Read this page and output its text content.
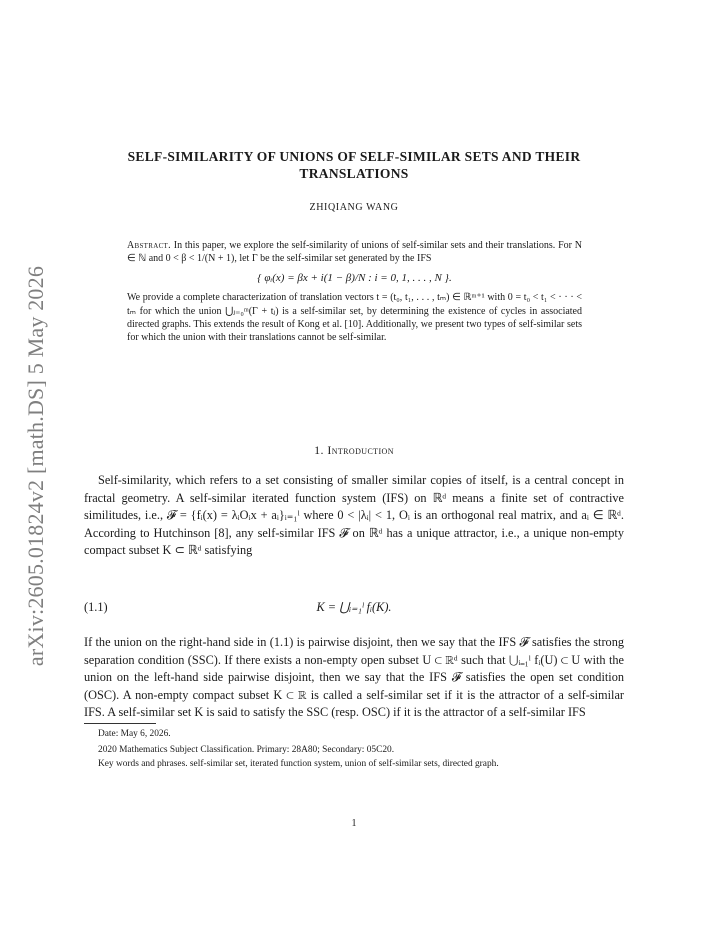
arXiv:2605.01824v2 [math.DS] 5 May 2026
SELF-SIMILARITY OF UNIONS OF SELF-SIMILAR SETS AND THEIR
TRANSLATIONS
ZHIQIANG WANG
Abstract. In this paper, we explore the self-similarity of unions of self-similar sets and their translations. For N ∈ ℕ and 0 < β < 1/(N + 1), let Γ be the self-similar set generated by the IFS
{ φᵢ(x) = βx + i(1 − β)/N : i = 0, 1, . . . , N }.
We provide a complete characterization of translation vectors t = (t₀, t₁, . . . , tₘ) ∈ ℝᵐ⁺¹ with 0 = t₀ < t₁ < · · · < tₘ for which the union ⋃ⱼ₌₀ᵐ(Γ + tⱼ) is a self-similar set, by determining the existence of cycles in associated directed graphs. This extends the result of Kong et al. [10]. Additionally, we present two types of self-similar sets for which the union with their translations cannot be self-similar.
1. Introduction
Self-similarity, which refers to a set consisting of smaller similar copies of itself, is a central concept in fractal geometry. A self-similar iterated function system (IFS) on ℝᵈ means a finite set of contractive similitudes, i.e., 𝓕 = {fᵢ(x) = λᵢOᵢx + aᵢ}ᵢ₌₁ˡ where 0 < |λᵢ| < 1, Oᵢ is an orthogonal real matrix, and aᵢ ∈ ℝᵈ. According to Hutchinson [8], any self-similar IFS 𝓕 on ℝᵈ has a unique attractor, i.e., a unique non-empty compact subset K ⊂ ℝᵈ satisfying
(1.1)	K = ⋃ᵢ₌₁ˡ fᵢ(K).
If the union on the right-hand side in (1.1) is pairwise disjoint, then we say that the IFS 𝓕 satisfies the strong separation condition (SSC). If there exists a non-empty open subset U ⊂ ℝᵈ such that ⋃ᵢ₌₁ˡ fᵢ(U) ⊂ U with the union on the left-hand side pairwise disjoint, then we say that the IFS 𝓕 satisfies the open set condition (OSC). A non-empty compact subset K ⊂ ℝ is called a self-similar set if it is the attractor of a self-similar IFS. A self-similar set K is said to satisfy the SSC (resp. OSC) if it is the attractor of a self-similar IFS
Date: May 6, 2026.
2020 Mathematics Subject Classification. Primary: 28A80; Secondary: 05C20.
Key words and phrases. self-similar set, iterated function system, union of self-similar sets, directed graph.
1
